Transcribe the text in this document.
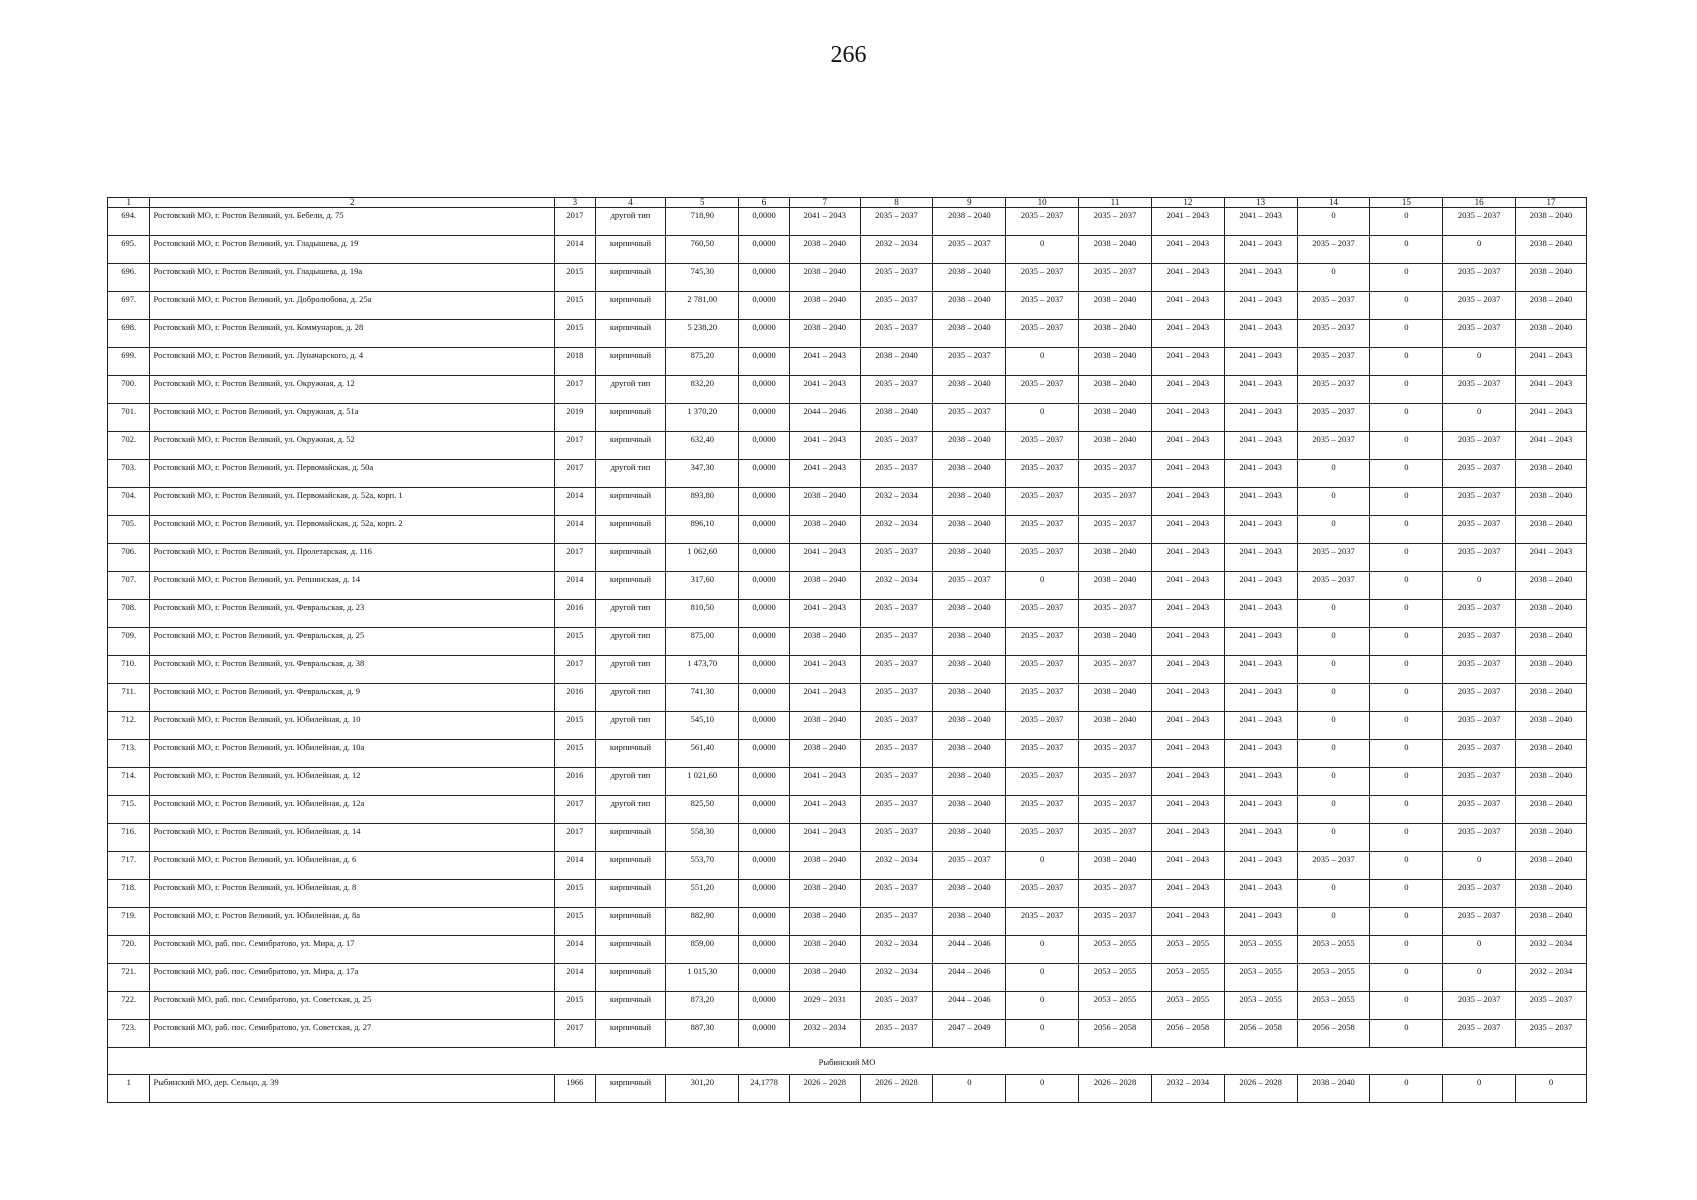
266
1	2	3	4	5	6	7	8	9	10	11	12	13	14	15	16	17
694.	Ростовский МО, г. Ростов Великий, ул. Бебели, д. 75	2017	другой тип	718,90	0,0000	2041 – 2043	2035 – 2037	2038 – 2040	2035 – 2037	2035 – 2037	2041 – 2043	2041 – 2043	0	0	2035 – 2037	2038 – 2040
695.	Ростовский МО, г. Ростов Великий, ул. Гладышева, д. 19	2014	кирпичный	760,50	0,0000	2038 – 2040	2032 – 2034	2035 – 2037	0	2038 – 2040	2041 – 2043	2041 – 2043	2035 – 2037	0	0	2038 – 2040
696.	Ростовский МО, г. Ростов Великий, ул. Гладышева, д. 19а	2015	кирпичный	745,30	0,0000	2038 – 2040	2035 – 2037	2038 – 2040	2035 – 2037	2035 – 2037	2041 – 2043	2041 – 2043	0	0	2035 – 2037	2038 – 2040
697.	Ростовский МО, г. Ростов Великий, ул. Добролюбова, д. 25а	2015	кирпичный	2 781,00	0,0000	2038 – 2040	2035 – 2037	2038 – 2040	2035 – 2037	2038 – 2040	2041 – 2043	2041 – 2043	2035 – 2037	0	2035 – 2037	2038 – 2040
698.	Ростовский МО, г. Ростов Великий, ул. Коммунаров, д. 28	2015	кирпичный	5 238,20	0,0000	2038 – 2040	2035 – 2037	2038 – 2040	2035 – 2037	2038 – 2040	2041 – 2043	2041 – 2043	2035 – 2037	0	2035 – 2037	2038 – 2040
699.	Ростовский МО, г. Ростов Великий, ул. Луначарского, д. 4	2018	кирпичный	875,20	0,0000	2041 – 2043	2038 – 2040	2035 – 2037	0	2038 – 2040	2041 – 2043	2041 – 2043	2035 – 2037	0	0	2041 – 2043
700.	Ростовский МО, г. Ростов Великий, ул. Окружная, д. 12	2017	другой тип	832,20	0,0000	2041 – 2043	2035 – 2037	2038 – 2040	2035 – 2037	2038 – 2040	2041 – 2043	2041 – 2043	2035 – 2037	0	2035 – 2037	2041 – 2043
701.	Ростовский МО, г. Ростов Великий, ул. Окружная, д. 51а	2019	кирпичный	1 370,20	0,0000	2044 – 2046	2038 – 2040	2035 – 2037	0	2038 – 2040	2041 – 2043	2041 – 2043	2035 – 2037	0	0	2041 – 2043
702.	Ростовский МО, г. Ростов Великий, ул. Окружная, д. 52	2017	кирпичный	632,40	0,0000	2041 – 2043	2035 – 2037	2038 – 2040	2035 – 2037	2038 – 2040	2041 – 2043	2041 – 2043	2035 – 2037	0	2035 – 2037	2041 – 2043
703.	Ростовский МО, г. Ростов Великий, ул. Первомайская, д. 50а	2017	другой тип	347,30	0,0000	2041 – 2043	2035 – 2037	2038 – 2040	2035 – 2037	2035 – 2037	2041 – 2043	2041 – 2043	0	0	2035 – 2037	2038 – 2040
704.	Ростовский МО, г. Ростов Великий, ул. Первомайская, д. 52а, корп. 1	2014	кирпичный	893,80	0,0000	2038 – 2040	2032 – 2034	2038 – 2040	2035 – 2037	2035 – 2037	2041 – 2043	2041 – 2043	0	0	2035 – 2037	2038 – 2040
705.	Ростовский МО, г. Ростов Великий, ул. Первомайская, д. 52а, корп. 2	2014	кирпичный	896,10	0,0000	2038 – 2040	2032 – 2034	2038 – 2040	2035 – 2037	2035 – 2037	2041 – 2043	2041 – 2043	0	0	2035 – 2037	2038 – 2040
706.	Ростовский МО, г. Ростов Великий, ул. Пролетарская, д. 116	2017	кирпичный	1 062,60	0,0000	2041 – 2043	2035 – 2037	2038 – 2040	2035 – 2037	2038 – 2040	2041 – 2043	2041 – 2043	2035 – 2037	0	2035 – 2037	2041 – 2043
707.	Ростовский МО, г. Ростов Великий, ул. Репнинская, д. 14	2014	кирпичный	317,60	0,0000	2038 – 2040	2032 – 2034	2035 – 2037	0	2038 – 2040	2041 – 2043	2041 – 2043	2035 – 2037	0	0	2038 – 2040
708.	Ростовский МО, г. Ростов Великий, ул. Февральская, д. 23	2016	другой тип	810,50	0,0000	2041 – 2043	2035 – 2037	2038 – 2040	2035 – 2037	2035 – 2037	2041 – 2043	2041 – 2043	0	0	2035 – 2037	2038 – 2040
709.	Ростовский МО, г. Ростов Великий, ул. Февральская, д. 25	2015	другой тип	875,00	0,0000	2038 – 2040	2035 – 2037	2038 – 2040	2035 – 2037	2038 – 2040	2041 – 2043	2041 – 2043	0	0	2035 – 2037	2038 – 2040
710.	Ростовский МО, г. Ростов Великий, ул. Февральская, д. 38	2017	другой тип	1 473,70	0,0000	2041 – 2043	2035 – 2037	2038 – 2040	2035 – 2037	2035 – 2037	2041 – 2043	2041 – 2043	0	0	2035 – 2037	2038 – 2040
711.	Ростовский МО, г. Ростов Великий, ул. Февральская, д. 9	2016	другой тип	741,30	0,0000	2041 – 2043	2035 – 2037	2038 – 2040	2035 – 2037	2038 – 2040	2041 – 2043	2041 – 2043	0	0	2035 – 2037	2038 – 2040
712.	Ростовский МО, г. Ростов Великий, ул. Юбилейная, д. 10	2015	другой тип	545,10	0,0000	2038 – 2040	2035 – 2037	2038 – 2040	2035 – 2037	2038 – 2040	2041 – 2043	2041 – 2043	0	0	2035 – 2037	2038 – 2040
713.	Ростовский МО, г. Ростов Великий, ул. Юбилейная, д. 10а	2015	кирпичный	561,40	0,0000	2038 – 2040	2035 – 2037	2038 – 2040	2035 – 2037	2035 – 2037	2041 – 2043	2041 – 2043	0	0	2035 – 2037	2038 – 2040
714.	Ростовский МО, г. Ростов Великий, ул. Юбилейная, д. 12	2016	другой тип	1 021,60	0,0000	2041 – 2043	2035 – 2037	2038 – 2040	2035 – 2037	2035 – 2037	2041 – 2043	2041 – 2043	0	0	2035 – 2037	2038 – 2040
715.	Ростовский МО, г. Ростов Великий, ул. Юбилейная, д. 12а	2017	другой тип	825,50	0,0000	2041 – 2043	2035 – 2037	2038 – 2040	2035 – 2037	2035 – 2037	2041 – 2043	2041 – 2043	0	0	2035 – 2037	2038 – 2040
716.	Ростовский МО, г. Ростов Великий, ул. Юбилейная, д. 14	2017	кирпичный	558,30	0,0000	2041 – 2043	2035 – 2037	2038 – 2040	2035 – 2037	2035 – 2037	2041 – 2043	2041 – 2043	0	0	2035 – 2037	2038 – 2040
717.	Ростовский МО, г. Ростов Великий, ул. Юбилейная, д. 6	2014	кирпичный	553,70	0,0000	2038 – 2040	2032 – 2034	2035 – 2037	0	2038 – 2040	2041 – 2043	2041 – 2043	2035 – 2037	0	0	2038 – 2040
718.	Ростовский МО, г. Ростов Великий, ул. Юбилейная, д. 8	2015	кирпичный	551,20	0,0000	2038 – 2040	2035 – 2037	2038 – 2040	2035 – 2037	2035 – 2037	2041 – 2043	2041 – 2043	0	0	2035 – 2037	2038 – 2040
719.	Ростовский МО, г. Ростов Великий, ул. Юбилейная, д. 8а	2015	кирпичный	882,90	0,0000	2038 – 2040	2035 – 2037	2038 – 2040	2035 – 2037	2035 – 2037	2041 – 2043	2041 – 2043	0	0	2035 – 2037	2038 – 2040
720.	Ростовский МО, раб. пос. Семибратово, ул. Мира, д. 17	2014	кирпичный	859,00	0,0000	2038 – 2040	2032 – 2034	2044 – 2046	0	2053 – 2055	2053 – 2055	2053 – 2055	2053 – 2055	0	0	2032 – 2034
721.	Ростовский МО, раб. пос. Семибратово, ул. Мира, д. 17а	2014	кирпичный	1 015,30	0,0000	2038 – 2040	2032 – 2034	2044 – 2046	0	2053 – 2055	2053 – 2055	2053 – 2055	2053 – 2055	0	0	2032 – 2034
722.	Ростовский МО, раб. пос. Семибратово, ул. Советская, д. 25	2015	кирпичный	873,20	0,0000	2029 – 2031	2035 – 2037	2044 – 2046	0	2053 – 2055	2053 – 2055	2053 – 2055	2053 – 2055	0	2035 – 2037	2035 – 2037
723.	Ростовский МО, раб. пос. Семибратово, ул. Советская, д. 27	2017	кирпичный	887,30	0,0000	2032 – 2034	2035 – 2037	2047 – 2049	0	2056 – 2058	2056 – 2058	2056 – 2058	2056 – 2058	0	2035 – 2037	2035 – 2037
Рыбинский МО																
1	Рыбинский МО, дер. Сельцо, д. 39	1966	кирпичный	301,20	24,1778	2026 – 2028	2026 – 2028	0	0	2026 – 2028	2032 – 2034	2026 – 2028	2038 – 2040	0	0	0
